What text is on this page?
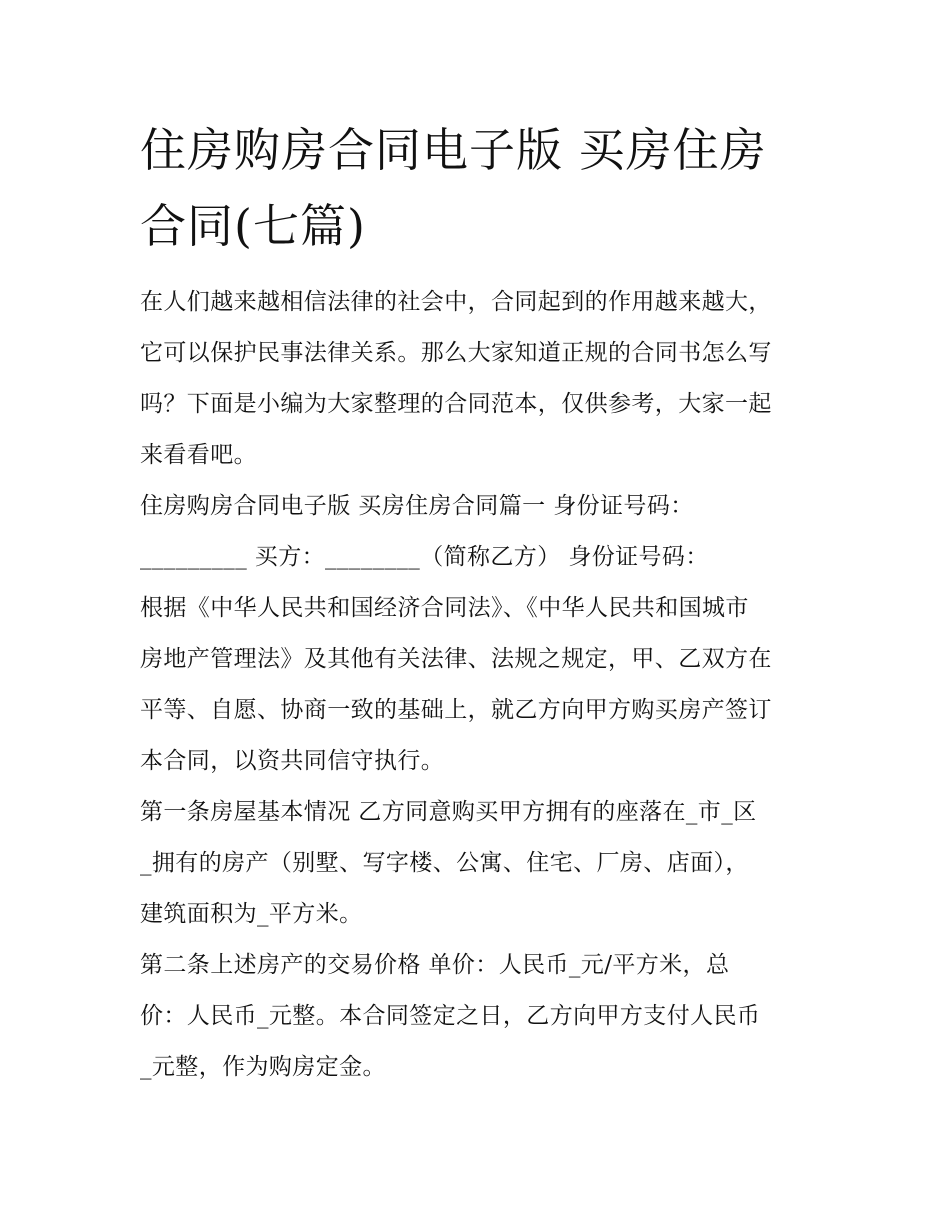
住房购房合同电子版 买房住房
合同(七篇)
在人们越来越相信法律的社会中，合同起到的作用越来越大，
它可以保护民事法律关系。那么大家知道正规的合同书怎么写
吗？下面是小编为大家整理的合同范本，仅供参考，大家一起
来看看吧。
住房购房合同电子版 买房住房合同篇一 身份证号码：
_________ 买方：________（简称乙方） 身份证号码：
根据《中华人民共和国经济合同法》、《中华人民共和国城市
房地产管理法》及其他有关法律、法规之规定，甲、乙双方在
平等、自愿、协商一致的基础上，就乙方向甲方购买房产签订
本合同，以资共同信守执行。
第一条房屋基本情况 乙方同意购买甲方拥有的座落在_市_区
_拥有的房产（别墅、写字楼、公寓、住宅、厂房、店面），
建筑面积为_平方米。
第二条上述房产的交易价格 单价：人民币_元/平方米，总
价：人民币_元整。本合同签定之日，乙方向甲方支付人民币
_元整，作为购房定金。
